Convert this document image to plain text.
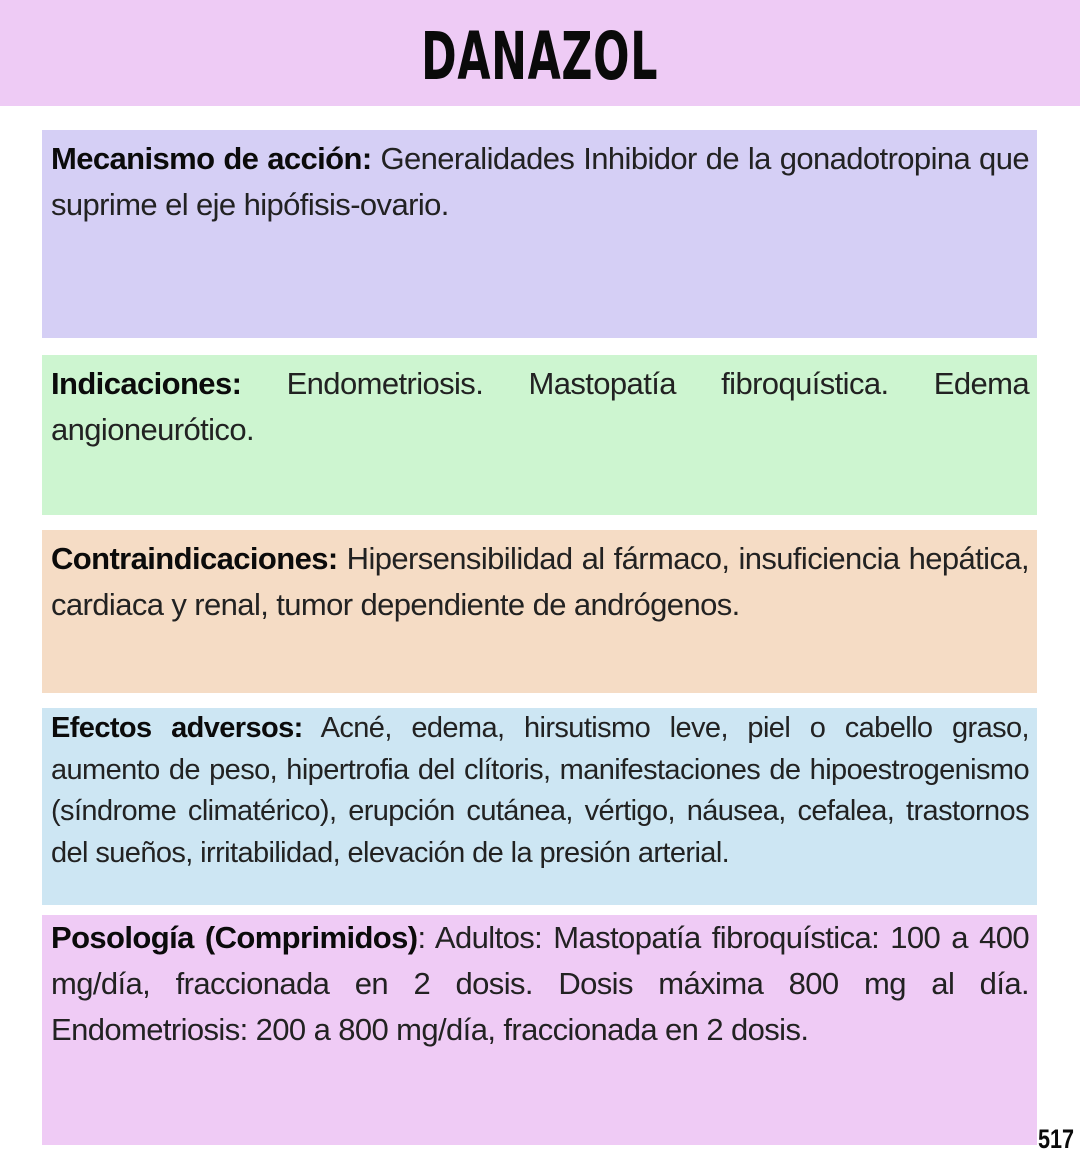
DANAZOL
Mecanismo de acción: Generalidades Inhibidor de la gonadotropina que suprime el eje hipófisis-ovario.
Indicaciones: Endometriosis. Mastopatía fibroquística. Edema angioneurótico.
Contraindicaciones: Hipersensibilidad al fármaco, insuficiencia hepática, cardiaca y renal, tumor dependiente de andrógenos.
Efectos adversos: Acné, edema, hirsutismo leve, piel o cabello graso, aumento de peso, hipertrofia del clítoris, manifestaciones de hipoestrogenismo (síndrome climatérico), erupción cutánea, vértigo, náusea, cefalea, trastornos del sueños, irritabilidad, elevación de la presión arterial.
Posología (Comprimidos): Adultos: Mastopatía fibroquística: 100 a 400 mg/día, fraccionada en 2 dosis. Dosis máxima 800 mg al día. Endometriosis: 200 a 800 mg/día, fraccionada en 2 dosis.
517
